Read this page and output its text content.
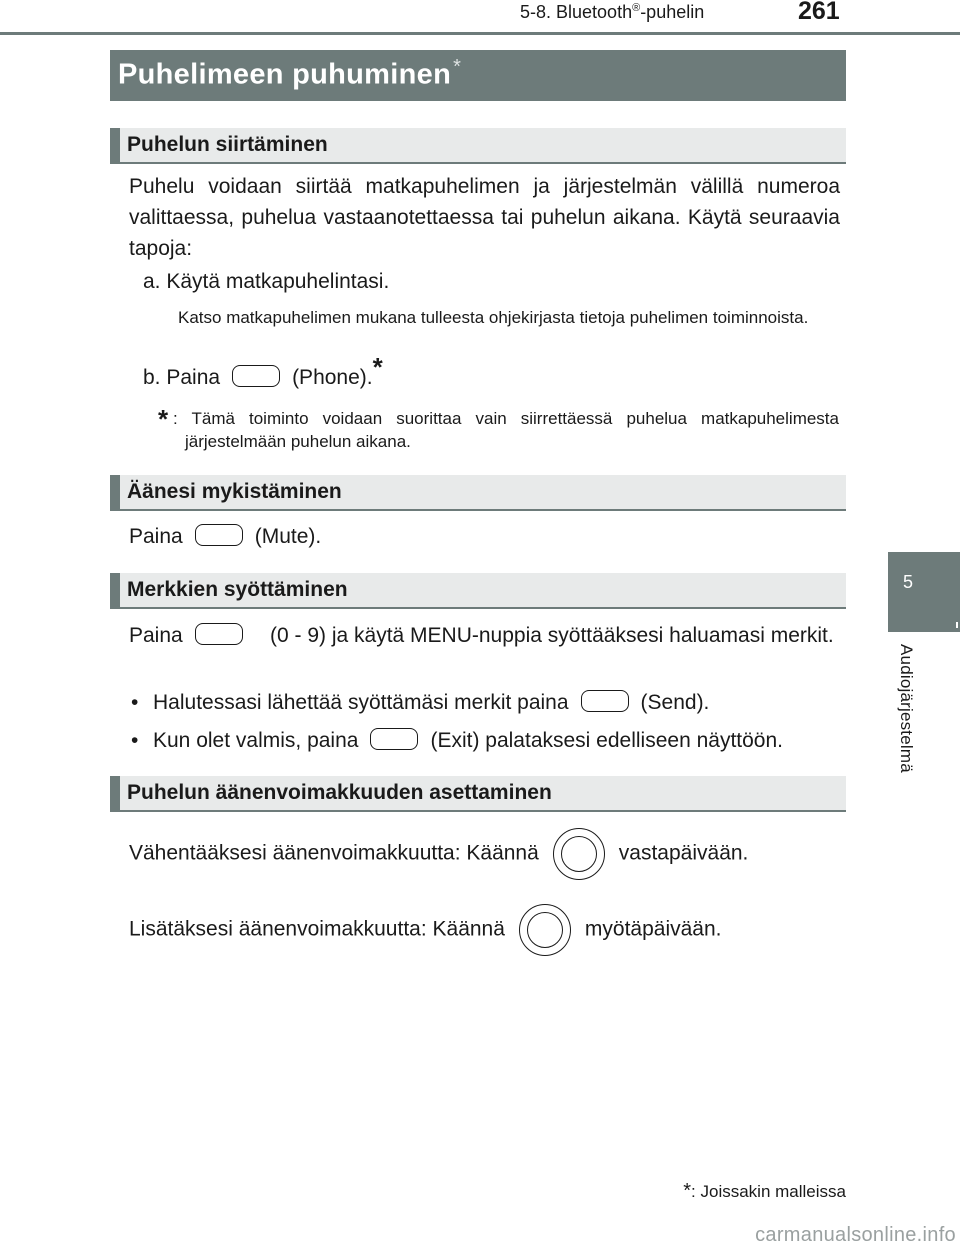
5-8. Bluetooth®-puhelin	261
5
Audiojärjestelmä
Puhelimeen puhuminen *
Puhelun siirtäminen
Puhelu voidaan siirtää matkapuhelimen ja järjestelmän välillä numeroa valittaessa, puhelua vastaanotettaessa tai puhelun aikana. Käytä seuraavia tapoja:
a. Käytä matkapuhelintasi.
Katso matkapuhelimen mukana tulleesta ohjekirjasta tietoja puhelimen toiminnoista.
b. Paina	(Phone).*
* : Tämä toiminto voidaan suorittaa vain siirrettäessä puhelua matkapuhelimesta järjestelmään puhelun aikana.
Äänesi mykistäminen
Paina	(Mute).
Merkkien syöttäminen
Paina	(0 - 9) ja käytä MENU-nuppia syöttääksesi haluamasi merkit.
• Halutessasi lähettää syöttämäsi merkit paina	(Send).
• Kun olet valmis, paina	(Exit) palataksesi edelliseen näyttöön.
Puhelun äänenvoimakkuuden asettaminen
Vähentääksesi äänenvoimakkuutta: Käännä	vastapäivään.
Lisätäksesi äänenvoimakkuutta: Käännä	myötäpäivään.
*: Joissakin malleissa
carmanualsonline.info
